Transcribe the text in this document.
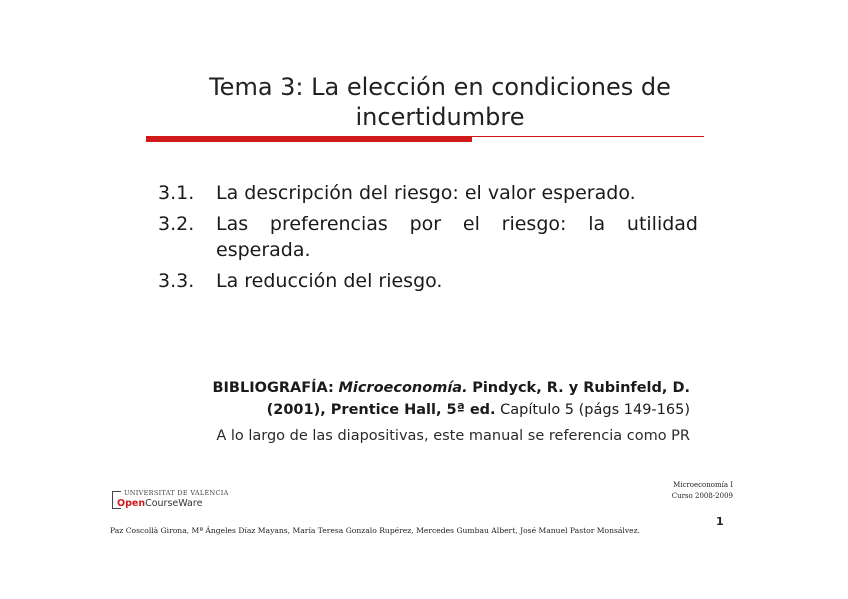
Tema 3: La elección en condiciones de
incertidumbre
3.1.	La descripción del riesgo: el valor esperado.
3.2.	Las preferencias por el riesgo: la utilidad esperada.
3.3.	La reducción del riesgo.
BIBLIOGRAFÍA: Microeconomía. Pindyck, R. y Rubinfeld, D.
(2001), Prentice Hall, 5ª ed. Capítulo 5 (págs 149-165)
A lo largo de las diapositivas, este manual se referencia como PR
UNIVERSITAT DE VALÈNCIA
OpenCourseWare
Microeconomía I
Curso 2008-2009
1
Paz Coscollà Girona, Mª Ángeles Díaz Mayans, María Teresa Gonzalo Rupérez, Mercedes Gumbau Albert, José Manuel Pastor Monsálvez.
